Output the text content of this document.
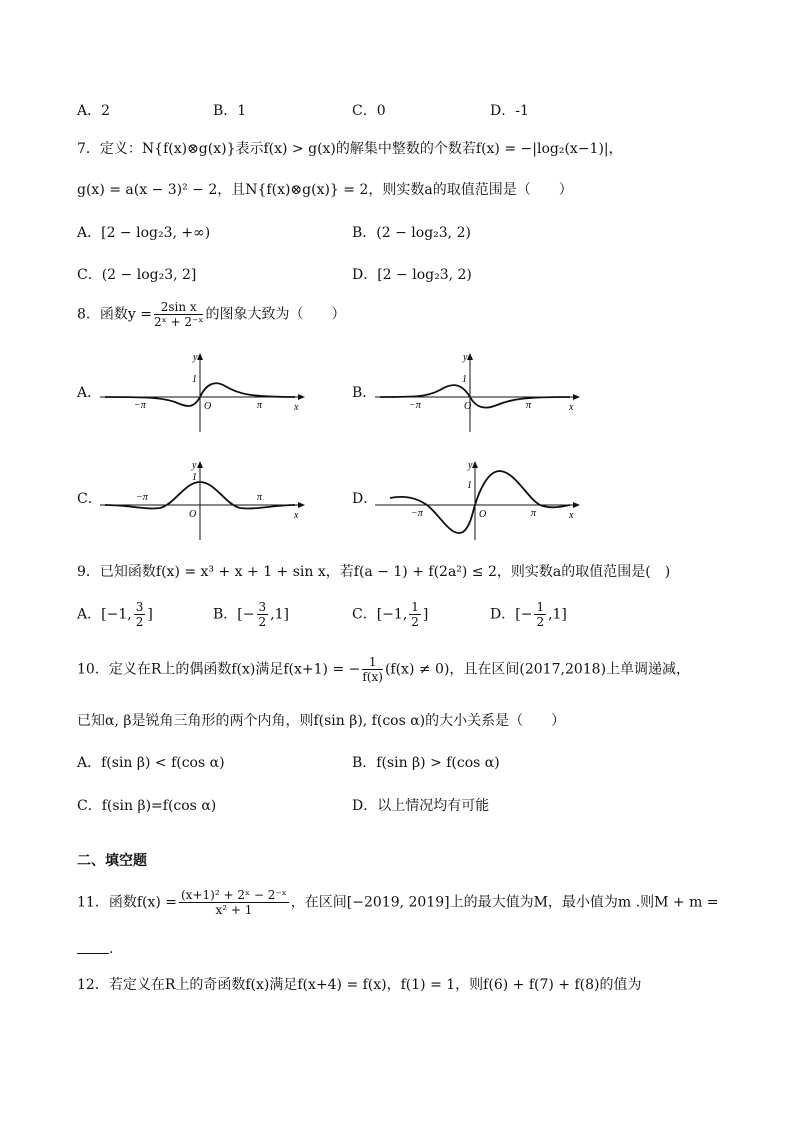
A．2	B．1	C．0	D．-1
7．定义：N{f(x)⊗g(x)}表示f(x) > g(x)的解集中整数的个数若f(x) = −|log₂(x−1)|，
g(x) = a(x − 3)² − 2，且N{f(x)⊗g(x)} = 2，则实数a的取值范围是（　　）
A．[2 − log₂3, +∞)	B．(2 − log₂3, 2)
C．(2 − log₂3, 2]	D．[2 − log₂3, 2)
8．函数$y = \frac{\text{2sin x}}{\text{2ˣ + 2⁻ˣ}}$ 的图象大致为（　　）
A．	B．
C．	D．
y
x
1
O
−π	π
y
x
1
O
−π	π
y
x
1
O
−π	π
y
x
1
O
−π	π
9．已知函数f(x) = x³ + x + 1 + sin x，若f(a − 1) + f(2a²) ≤ 2，则实数a的取值范围是(　)
A．[−1, $\frac{3}{2}$ ]	B．[− $\frac{3}{2} ,1$]	C．[−1, $\frac{1}{2}$ ]	D．[− $\frac{1}{2} ,1$]
10．定义在R上的偶函数f(x)满足f(x+1) = − $\frac{1}{f(x)} (f(x) \ne 0)$，且在区间(2017,2018)上单调递减，
已知α, β是锐角三角形的两个内角，则f(sin β), f(cos α)的大小关系是（　　）
A．f(sin β) < f(cos α)	B．f(sin β) > f(cos α)
C．f(sin β)=f(cos α)	D．以上情况均有可能
二、填空题
11．函数$f(x) = \frac{\text{(x+1)² + 2ˣ − 2⁻ˣ}}{\text{x² + 1}}$ ，在区间[−2019, 2019]上的最大值为M，最小值为m .则M + m =
.
12．若定义在R上的奇函数f(x)满足f(x+4) = f(x)，f(1) = 1，则f(6) + f(7) + f(8)的值为
